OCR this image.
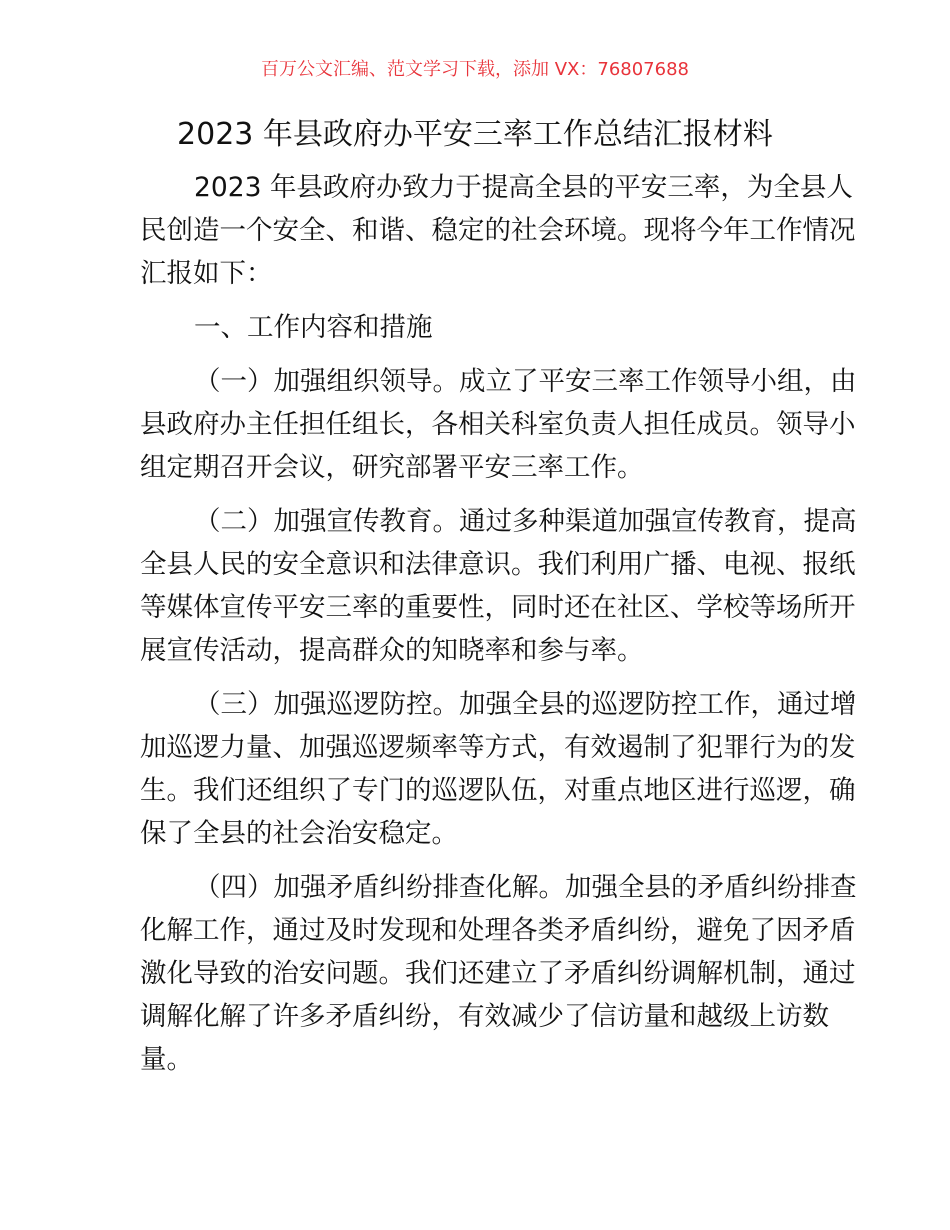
百万公文汇编、范文学习下载，添加 VX：76807688
2023 年县政府办平安三率工作总结汇报材料
2023 年县政府办致力于提高全县的平安三率，为全县人
民创造一个安全、和谐、稳定的社会环境。现将今年工作情况
汇报如下：
一、工作内容和措施
（一）加强组织领导。成立了平安三率工作领导小组，由
县政府办主任担任组长，各相关科室负责人担任成员。领导小
组定期召开会议，研究部署平安三率工作。
（二）加强宣传教育。通过多种渠道加强宣传教育，提高
全县人民的安全意识和法律意识。我们利用广播、电视、报纸
等媒体宣传平安三率的重要性，同时还在社区、学校等场所开
展宣传活动，提高群众的知晓率和参与率。
（三）加强巡逻防控。加强全县的巡逻防控工作，通过增
加巡逻力量、加强巡逻频率等方式，有效遏制了犯罪行为的发
生。我们还组织了专门的巡逻队伍，对重点地区进行巡逻，确
保了全县的社会治安稳定。
（四）加强矛盾纠纷排查化解。加强全县的矛盾纠纷排查
化解工作，通过及时发现和处理各类矛盾纠纷，避免了因矛盾
激化导致的治安问题。我们还建立了矛盾纠纷调解机制，通过
调解化解了许多矛盾纠纷，有效减少了信访量和越级上访数
量。
